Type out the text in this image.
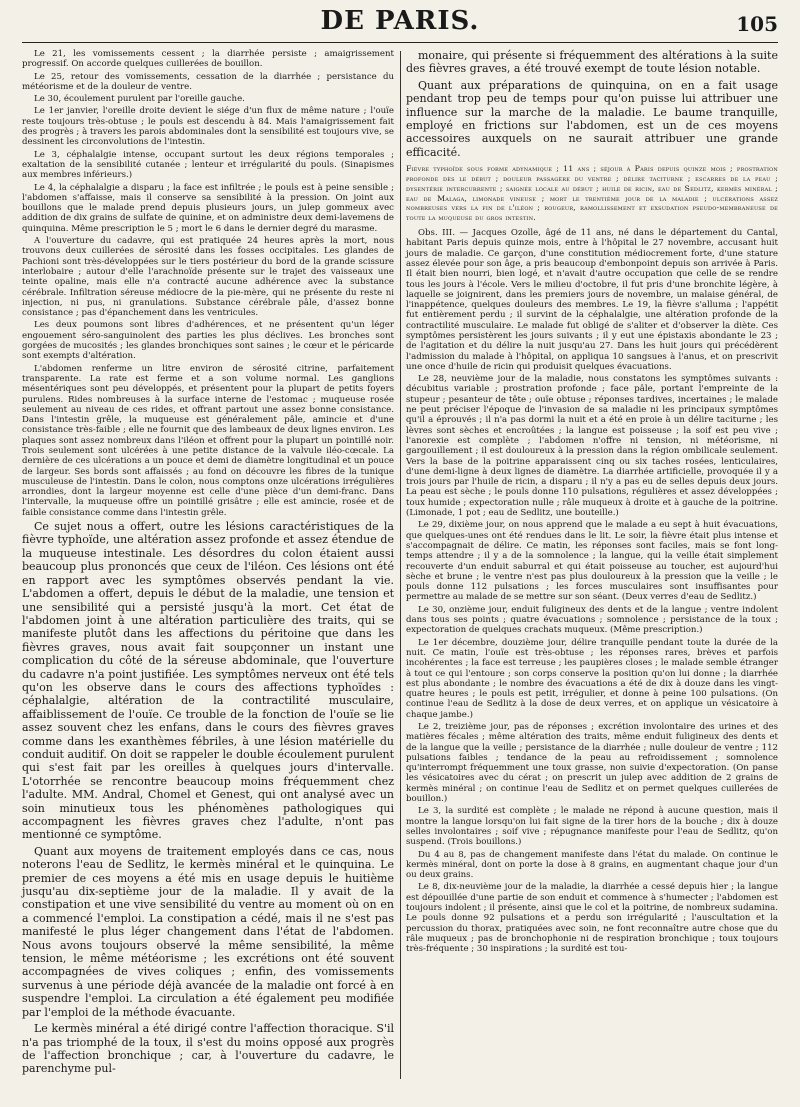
DE PARIS.	105

Le 21, les vomissements cessent ; la diarrhée persiste ; amaigrissement progressif. On accorde quelques cuillerées de bouillon.

Le 25, retour des vomissements, cessation de la diarrhée ; persistance du météorisme et de la douleur de ventre.

Le 30, écoulement purulent par l'oreille gauche.

Le 1er janvier, l'oreille droite devient le siége d'un flux de même nature ; l'ouïe reste toujours très-obtuse ; le pouls est descendu à 84. Mais l'amaigrissement fait des progrès ; à travers les parois abdominales dont la sensibilité est toujours vive, se dessinent les circonvolutions de l'intestin.

Le 3, céphalalgie intense, occupant surtout les deux régions temporales ; exaltation de la sensibilité cutanée ; lenteur et irrégularité du pouls. (Sinapismes aux membres inférieurs.)

Le 4, la céphalalgie a disparu ; la face est infiltrée ; le pouls est à peine sensible ; l'abdomen s'affaisse, mais il conserve sa sensibilité à la pression. On joint aux bouillons que le malade prend depuis plusieurs jours, un julep gommeux avec addition de dix grains de sulfate de quinine, et on administre deux demi-lavemens de quinquina. Même prescription le 5 ; mort le 6 dans le dernier degré du marasme.

A l'ouverture du cadavre, qui est pratiquée 24 heures après la mort, nous trouvons deux cuillerées de sérosité dans les fosses occipitales. Les glandes de Pachioni sont très-développées sur le tiers postérieur du bord de la grande scissure interlobaire ; autour d'elle l'arachnoïde présente sur le trajet des vaisseaux une teinte opaline, mais elle n'a contracté aucune adhérence avec la substance cérébrale. Infiltration séreuse médiocre de la pie-mère, qui ne présente du reste ni injection, ni pus, ni granulations. Substance cérébrale pâle, d'assez bonne consistance ; pas d'épanchement dans les ventricules.

Les deux poumons sont libres d'adhérences, et ne présentent qu'un léger engouement séro-sanguinolent des parties les plus déclives. Les bronches sont gorgées de mucosités ; les glandes bronchiques sont saines ; le cœur et le péricarde sont exempts d'altération.

L'abdomen renferme un litre environ de sérosité citrine, parfaitement transparente. La rate est ferme et a son volume normal. Les ganglions mésentériques sont peu développés, et présentent pour la plupart de petits foyers purulens. Rides nombreuses à la surface interne de l'estomac ; muqueuse rosée seulement au niveau de ces rides, et offrant partout une assez bonne consistance. Dans l'intestin grêle, la muqueuse est généralement pâle, amincie et d'une consistance très-faible ; elle ne fournit que des lambeaux de deux lignes environ. Les plaques sont assez nombreux dans l'iléon et offrent pour la plupart un pointillé noir. Trois seulement sont ulcérées à une petite distance de la valvule iléo-cœcale. La dernière de ces ulcérations a un pouce et demi de diamètre longitudinal et un pouce de largeur. Ses bords sont affaissés ; au fond on découvre les fibres de la tunique musculeuse de l'intestin. Dans le colon, nous comptons onze ulcérations irrégulières arrondies, dont la largeur moyenne est celle d'une pièce d'un demi-franc. Dans l'intervalle, la muqueuse offre un pointillé grisâtre ; elle est amincie, rosée et de faible consistance comme dans l'intestin grêle.

Ce sujet nous a offert, outre les lésions caractéristiques de la fièvre typhoïde, une altération assez profonde et assez étendue de la muqueuse intestinale. Les désordres du colon étaient aussi beaucoup plus prononcés que ceux de l'iléon. Ces lésions ont été en rapport avec les symptômes observés pendant la vie. L'abdomen a offert, depuis le début de la maladie, une tension et une sensibilité qui a persisté jusqu'à la mort. Cet état de l'abdomen joint à une altération particulière des traits, qui se manifeste plutôt dans les affections du péritoine que dans les fièvres graves, nous avait fait soupçonner un instant une complication du côté de la séreuse abdominale, que l'ouverture du cadavre n'a point justifiée. Les symptômes nerveux ont été tels qu'on les observe dans le cours des affections typhoïdes : céphalalgie, altération de la contractilité musculaire, affaiblissement de l'ouïe. Ce trouble de la fonction de l'ouïe se lie assez souvent chez les enfans, dans le cours des fièvres graves comme dans les exanthèmes fébriles, à une lésion matérielle du conduit auditif. On doit se rappeler le double écoulement purulent qui s'est fait par les oreilles à quelques jours d'intervalle. L'otorrhée se rencontre beaucoup moins fréquemment chez l'adulte. MM. Andral, Chomel et Genest, qui ont analysé avec un soin minutieux tous les phénomènes pathologiques qui accompagnent les fièvres graves chez l'adulte, n'ont pas mentionné ce symptôme.

Quant aux moyens de traitement employés dans ce cas, nous noterons l'eau de Sedlitz, le kermès minéral et le quinquina. Le premier de ces moyens a été mis en usage depuis le huitième jusqu'au dix-septième jour de la maladie. Il y avait de la constipation et une vive sensibilité du ventre au moment où on en a commencé l'emploi. La constipation a cédé, mais il ne s'est pas manifesté le plus léger changement dans l'état de l'abdomen. Nous avons toujours observé la même sensibilité, la même tension, le même météorisme ; les excrétions ont été souvent accompagnées de vives coliques ; enfin, des vomissements survenus à une période déjà avancée de la maladie ont forcé à en suspendre l'emploi. La circulation a été également peu modifiée par l'emploi de la méthode évacuante.

Le kermès minéral a été dirigé contre l'affection thoracique. S'il n'a pas triomphé de la toux, il s'est du moins opposé aux progrès de l'affection bronchique ; car, à l'ouverture du cadavre, le parenchyme pul-

monaire, qui présente si fréquemment des altérations à la suite des fièvres graves, a été trouvé exempt de toute lésion notable.

Quant aux préparations de quinquina, on en a fait usage pendant trop peu de temps pour qu'on puisse lui attribuer une influence sur la marche de la maladie. Le baume tranquille, employé en frictions sur l'abdomen, est un de ces moyens accessoires auxquels on ne saurait attribuer une grande efficacité.

Fièvre typhoïde sous forme adynamique ; 11 ans ; séjour à Paris depuis quinze mois ; prostration profonde dès le début ; douleur passagère du ventre ; délire taciturne ; escarres de la peau ; dysentérie intercurrente ; saignée locale au début ; huile de ricin, eau de Sedlitz, kermès minéral ; eau de Malaga, limonade vineuse ; mort le trentième jour de la maladie ; ulcérations assez nombreuses vers la fin de l'iléon ; rougeur, ramollissement et exsudation pseudo-membraneuse de toute la muqueuse du gros intestin.

Obs. III. — Jacques Ozolle, âgé de 11 ans, né dans le département du Cantal, habitant Paris depuis quinze mois, entre à l'hôpital le 27 novembre, accusant huit jours de maladie. Ce garçon, d'une constitution médiocrement forte, d'une stature assez élevée pour son âge, a pris beaucoup d'embonpoint depuis son arrivée à Paris. Il était bien nourri, bien logé, et n'avait d'autre occupation que celle de se rendre tous les jours à l'école. Vers le milieu d'octobre, il fut pris d'une bronchite légère, à laquelle se joignirent, dans les premiers jours de novembre, un malaise général, de l'inappétence, quelques douleurs des membres. Le 19, la fièvre s'alluma ; l'appétit fut entièrement perdu ; il survint de la céphalalgie, une altération profonde de la contractilité musculaire. Le malade fut obligé de s'aliter et d'observer la diète. Ces symptômes persistèrent les jours suivants ; il y eut une épistaxis abondante le 23 ; de l'agitation et du délire la nuit jusqu'au 27. Dans les huit jours qui précédèrent l'admission du malade à l'hôpital, on appliqua 10 sangsues à l'anus, et on prescrivit une once d'huile de ricin qui produisit quelques évacuations.

Le 28, neuvième jour de la maladie, nous constatons les symptômes suivants : décubitus variable ; prostration profonde ; face pâle, portant l'empreinte de la stupeur ; pesanteur de tête ; ouïe obtuse ; réponses tardives, incertaines ; le malade ne peut préciser l'époque de l'invasion de sa maladie ni les principaux symptômes qu'il a éprouvés ; il n'a pas dormi la nuit et a été en proie à un délire taciturne ; les lèvres sont sèches et encroûtées ; la langue est poisseuse ; la soif est peu vive ; l'anorexie est complète ; l'abdomen n'offre ni tension, ni météorisme, ni gargouillement ; il est douloureux à la pression dans la région ombilicale seulement. Vers la base de la poitrine apparaissent cinq ou six taches rosées, lenticulaires, d'une demi-ligne à deux lignes de diamètre. La diarrhée artificielle, provoquée il y a trois jours par l'huile de ricin, a disparu ; il n'y a pas eu de selles depuis deux jours. La peau est sèche ; le pouls donne 110 pulsations, régulières et assez développées ; toux humide ; expectoration nulle ; râle muqueux à droite et à gauche de la poitrine. (Limonade, 1 pot ; eau de Sedlitz, une bouteille.)

Le 29, dixième jour, on nous apprend que le malade a eu sept à huit évacuations, que quelques-unes ont été rendues dans le lit. Le soir, la fièvre était plus intense et s'accompagnait de délire. Ce matin, les réponses sont faciles, mais se font long-temps attendre ; il y a de la somnolence ; la langue, qui la veille était simplement recouverte d'un enduit saburral et qui était poisseuse au toucher, est aujourd'hui sèche et brune ; le ventre n'est pas plus douloureux à la pression que la veille ; le pouls donne 112 pulsations ; les forces musculaires sont insuffisantes pour permettre au malade de se mettre sur son séant. (Deux verres d'eau de Sedlitz.)

Le 30, onzième jour, enduit fuligineux des dents et de la langue ; ventre indolent dans tous ses points ; quatre évacuations ; somnolence ; persistance de la toux ; expectoration de quelques crachats muqueux. (Même prescription.)

Le 1er décembre, douzième jour, délire tranquille pendant toute la durée de la nuit. Ce matin, l'ouïe est très-obtuse ; les réponses rares, brèves et parfois incohérentes ; la face est terreuse ; les paupières closes ; le malade semble étranger à tout ce qui l'entoure ; son corps conserve la position qu'on lui donne ; la diarrhée est plus abondante ; le nombre des évacuations a été de dix à douze dans les vingt-quatre heures ; le pouls est petit, irrégulier, et donne à peine 100 pulsations. (On continue l'eau de Sedlitz à la dose de deux verres, et on applique un vésicatoire à chaque jambe.)

Le 2, treizième jour, pas de réponses ; excrétion involontaire des urines et des matières fécales ; même altération des traits, même enduit fuligineux des dents et de la langue que la veille ; persistance de la diarrhée ; nulle douleur de ventre ; 112 pulsations faibles ; tendance de la peau au refroidissement ; somnolence qu'interrompt fréquemment une toux grasse, non suivie d'expectoration. (On panse les vésicatoires avec du cérat ; on prescrit un julep avec addition de 2 grains de kermès minéral ; on continue l'eau de Sedlitz et on permet quelques cuillerées de bouillon.)

Le 3, la surdité est complète ; le malade ne répond à aucune question, mais il montre la langue lorsqu'on lui fait signe de la tirer hors de la bouche ; dix à douze selles involontaires ; soif vive ; répugnance manifeste pour l'eau de Sedlitz, qu'on suspend. (Trois bouillons.)

Du 4 au 8, pas de changement manifeste dans l'état du malade. On continue le kermès minéral, dont on porte la dose à 8 grains, en augmentant chaque jour d'un ou deux grains.

Le 8, dix-neuvième jour de la maladie, la diarrhée a cessé depuis hier ; la langue est dépouillée d'une partie de son enduit et commence à s'humecter ; l'abdomen est toujours indolent ; il présente, ainsi que le col et la poitrine, de nombreux sudamina. Le pouls donne 92 pulsations et a perdu son irrégularité ; l'auscultation et la percussion du thorax, pratiquées avec soin, ne font reconnaître autre chose que du râle muqueux ; pas de bronchophonie ni de respiration bronchique ; toux toujours très-fréquente ; 30 inspirations ; la surdité est tou-
